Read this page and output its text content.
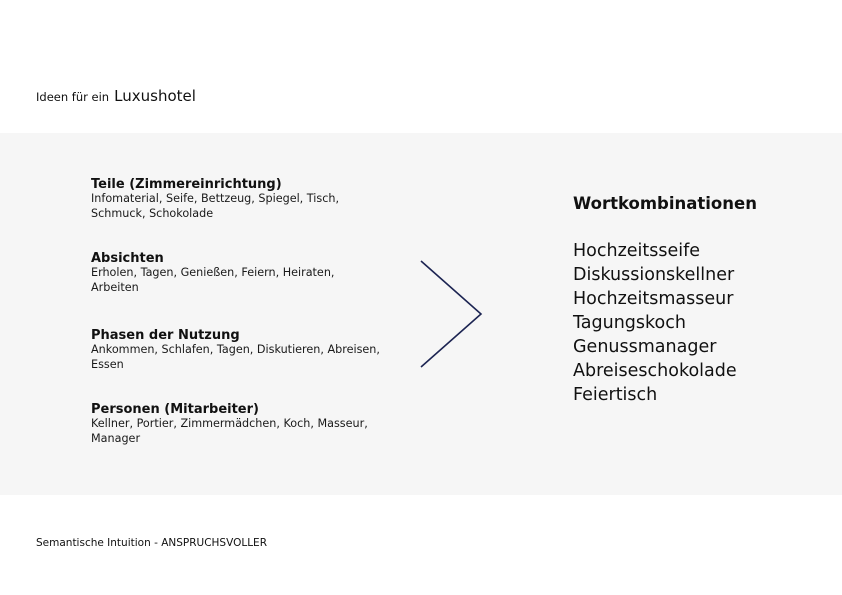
Ideen für ein Luxushotel
Teile (Zimmereinrichtung)
Infomaterial, Seife, Bettzeug, Spiegel, Tisch, Schmuck, Schokolade
Absichten
Erholen, Tagen, Genießen, Feiern, Heiraten, Arbeiten
Phasen der Nutzung
Ankommen, Schlafen, Tagen, Diskutieren, Abreisen, Essen
Personen (Mitarbeiter)
Kellner, Portier, Zimmermädchen, Koch, Masseur, Manager
Wortkombinationen
Hochzeitsseife
Diskussionskellner
Hochzeitsmasseur
Tagungskoch
Genussmanager
Abreiseschokolade
Feiertisch
Semantische Intuition - ANSPRUCHSVOLLER
